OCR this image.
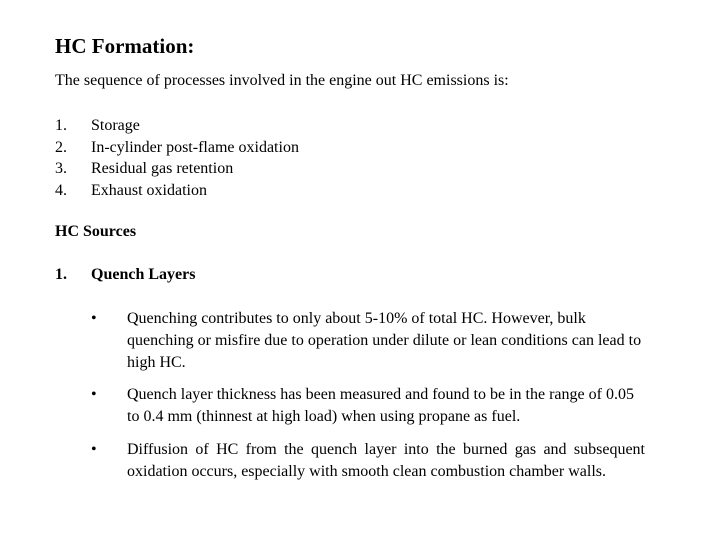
HC Formation:
The sequence of processes involved in the engine out HC emissions is:
1. Storage
2. In-cylinder post-flame oxidation
3. Residual gas retention
4. Exhaust oxidation
HC Sources
1. Quench Layers
• Quenching contributes to only about 5-10% of total HC. However, bulk quenching or misfire due to operation under dilute or lean conditions can lead to high HC.
• Quench layer thickness has been measured and found to be in the range of 0.05 to 0.4 mm (thinnest at high load) when using propane as fuel.
• Diffusion of HC from the quench layer into the burned gas and subsequent oxidation occurs, especially with smooth clean combustion chamber walls.
